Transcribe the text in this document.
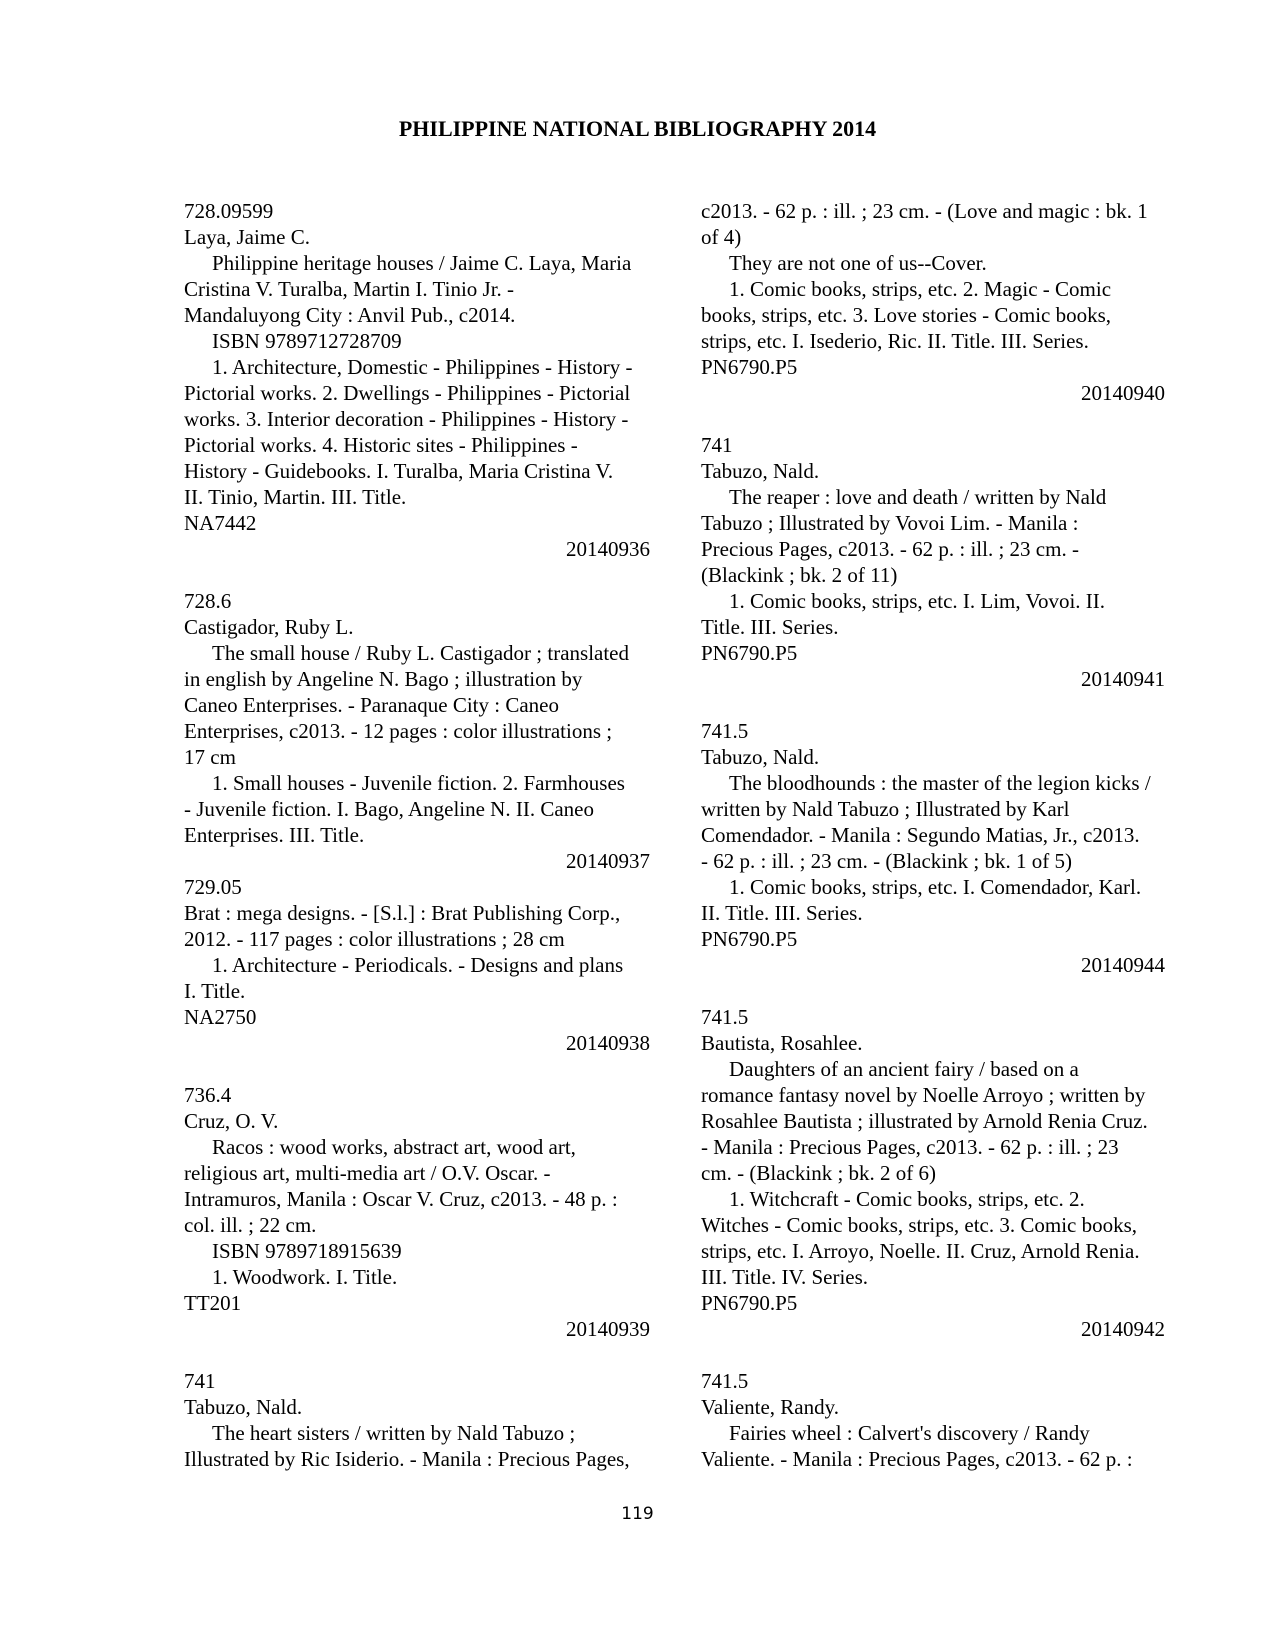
PHILIPPINE NATIONAL BIBLIOGRAPHY 2014
728.09599
Laya, Jaime C.
Philippine heritage houses / Jaime C. Laya, Maria
Cristina V. Turalba, Martin I. Tinio Jr. -
Mandaluyong City : Anvil Pub., c2014.
ISBN 9789712728709
1. Architecture, Domestic - Philippines - History -
Pictorial works. 2. Dwellings - Philippines - Pictorial
works. 3. Interior decoration - Philippines - History -
Pictorial works. 4. Historic sites - Philippines -
History - Guidebooks. I. Turalba, Maria Cristina V.
II. Tinio, Martin. III. Title.
NA7442
20140936
728.6
Castigador, Ruby L.
The small house / Ruby L. Castigador ; translated
in english by Angeline N. Bago ; illustration by
Caneo Enterprises. - Paranaque City : Caneo
Enterprises, c2013. - 12 pages : color illustrations ;
17 cm
1. Small houses - Juvenile fiction. 2. Farmhouses
- Juvenile fiction. I. Bago, Angeline N. II. Caneo
Enterprises. III. Title.
20140937
729.05
Brat : mega designs. - [S.l.] : Brat Publishing Corp.,
2012. - 117 pages : color illustrations ; 28 cm
1. Architecture - Periodicals. - Designs and plans
I. Title.
NA2750
20140938
736.4
Cruz, O. V.
Racos : wood works, abstract art, wood art,
religious art, multi-media art / O.V. Oscar. -
Intramuros, Manila : Oscar V. Cruz, c2013. - 48 p. :
col. ill. ; 22 cm.
ISBN 9789718915639
1. Woodwork. I. Title.
TT201
20140939
741
Tabuzo, Nald.
The heart sisters / written by Nald Tabuzo ;
Illustrated by Ric Isiderio. - Manila : Precious Pages,
c2013. - 62 p. : ill. ; 23 cm. - (Love and magic : bk. 1
of 4)
They are not one of us--Cover.
1. Comic books, strips, etc. 2. Magic - Comic
books, strips, etc. 3. Love stories - Comic books,
strips, etc. I. Isederio, Ric. II. Title. III. Series.
PN6790.P5
20140940
741
Tabuzo, Nald.
The reaper : love and death / written by Nald
Tabuzo ; Illustrated by Vovoi Lim. - Manila :
Precious Pages, c2013. - 62 p. : ill. ; 23 cm. -
(Blackink ; bk. 2 of 11)
1. Comic books, strips, etc. I. Lim, Vovoi. II.
Title. III. Series.
PN6790.P5
20140941
741.5
Tabuzo, Nald.
The bloodhounds : the master of the legion kicks /
written by Nald Tabuzo ; Illustrated by Karl
Comendador. - Manila : Segundo Matias, Jr., c2013.
- 62 p. : ill. ; 23 cm. - (Blackink ; bk. 1 of 5)
1. Comic books, strips, etc. I. Comendador, Karl.
II. Title. III. Series.
PN6790.P5
20140944
741.5
Bautista, Rosahlee.
Daughters of an ancient fairy / based on a
romance fantasy novel by Noelle Arroyo ; written by
Rosahlee Bautista ; illustrated by Arnold Renia Cruz.
- Manila : Precious Pages, c2013. - 62 p. : ill. ; 23
cm. - (Blackink ; bk. 2 of 6)
1. Witchcraft - Comic books, strips, etc. 2.
Witches - Comic books, strips, etc. 3. Comic books,
strips, etc. I. Arroyo, Noelle. II. Cruz, Arnold Renia.
III. Title. IV. Series.
PN6790.P5
20140942
741.5
Valiente, Randy.
Fairies wheel : Calvert's discovery / Randy
Valiente. - Manila : Precious Pages, c2013. - 62 p. :
119
